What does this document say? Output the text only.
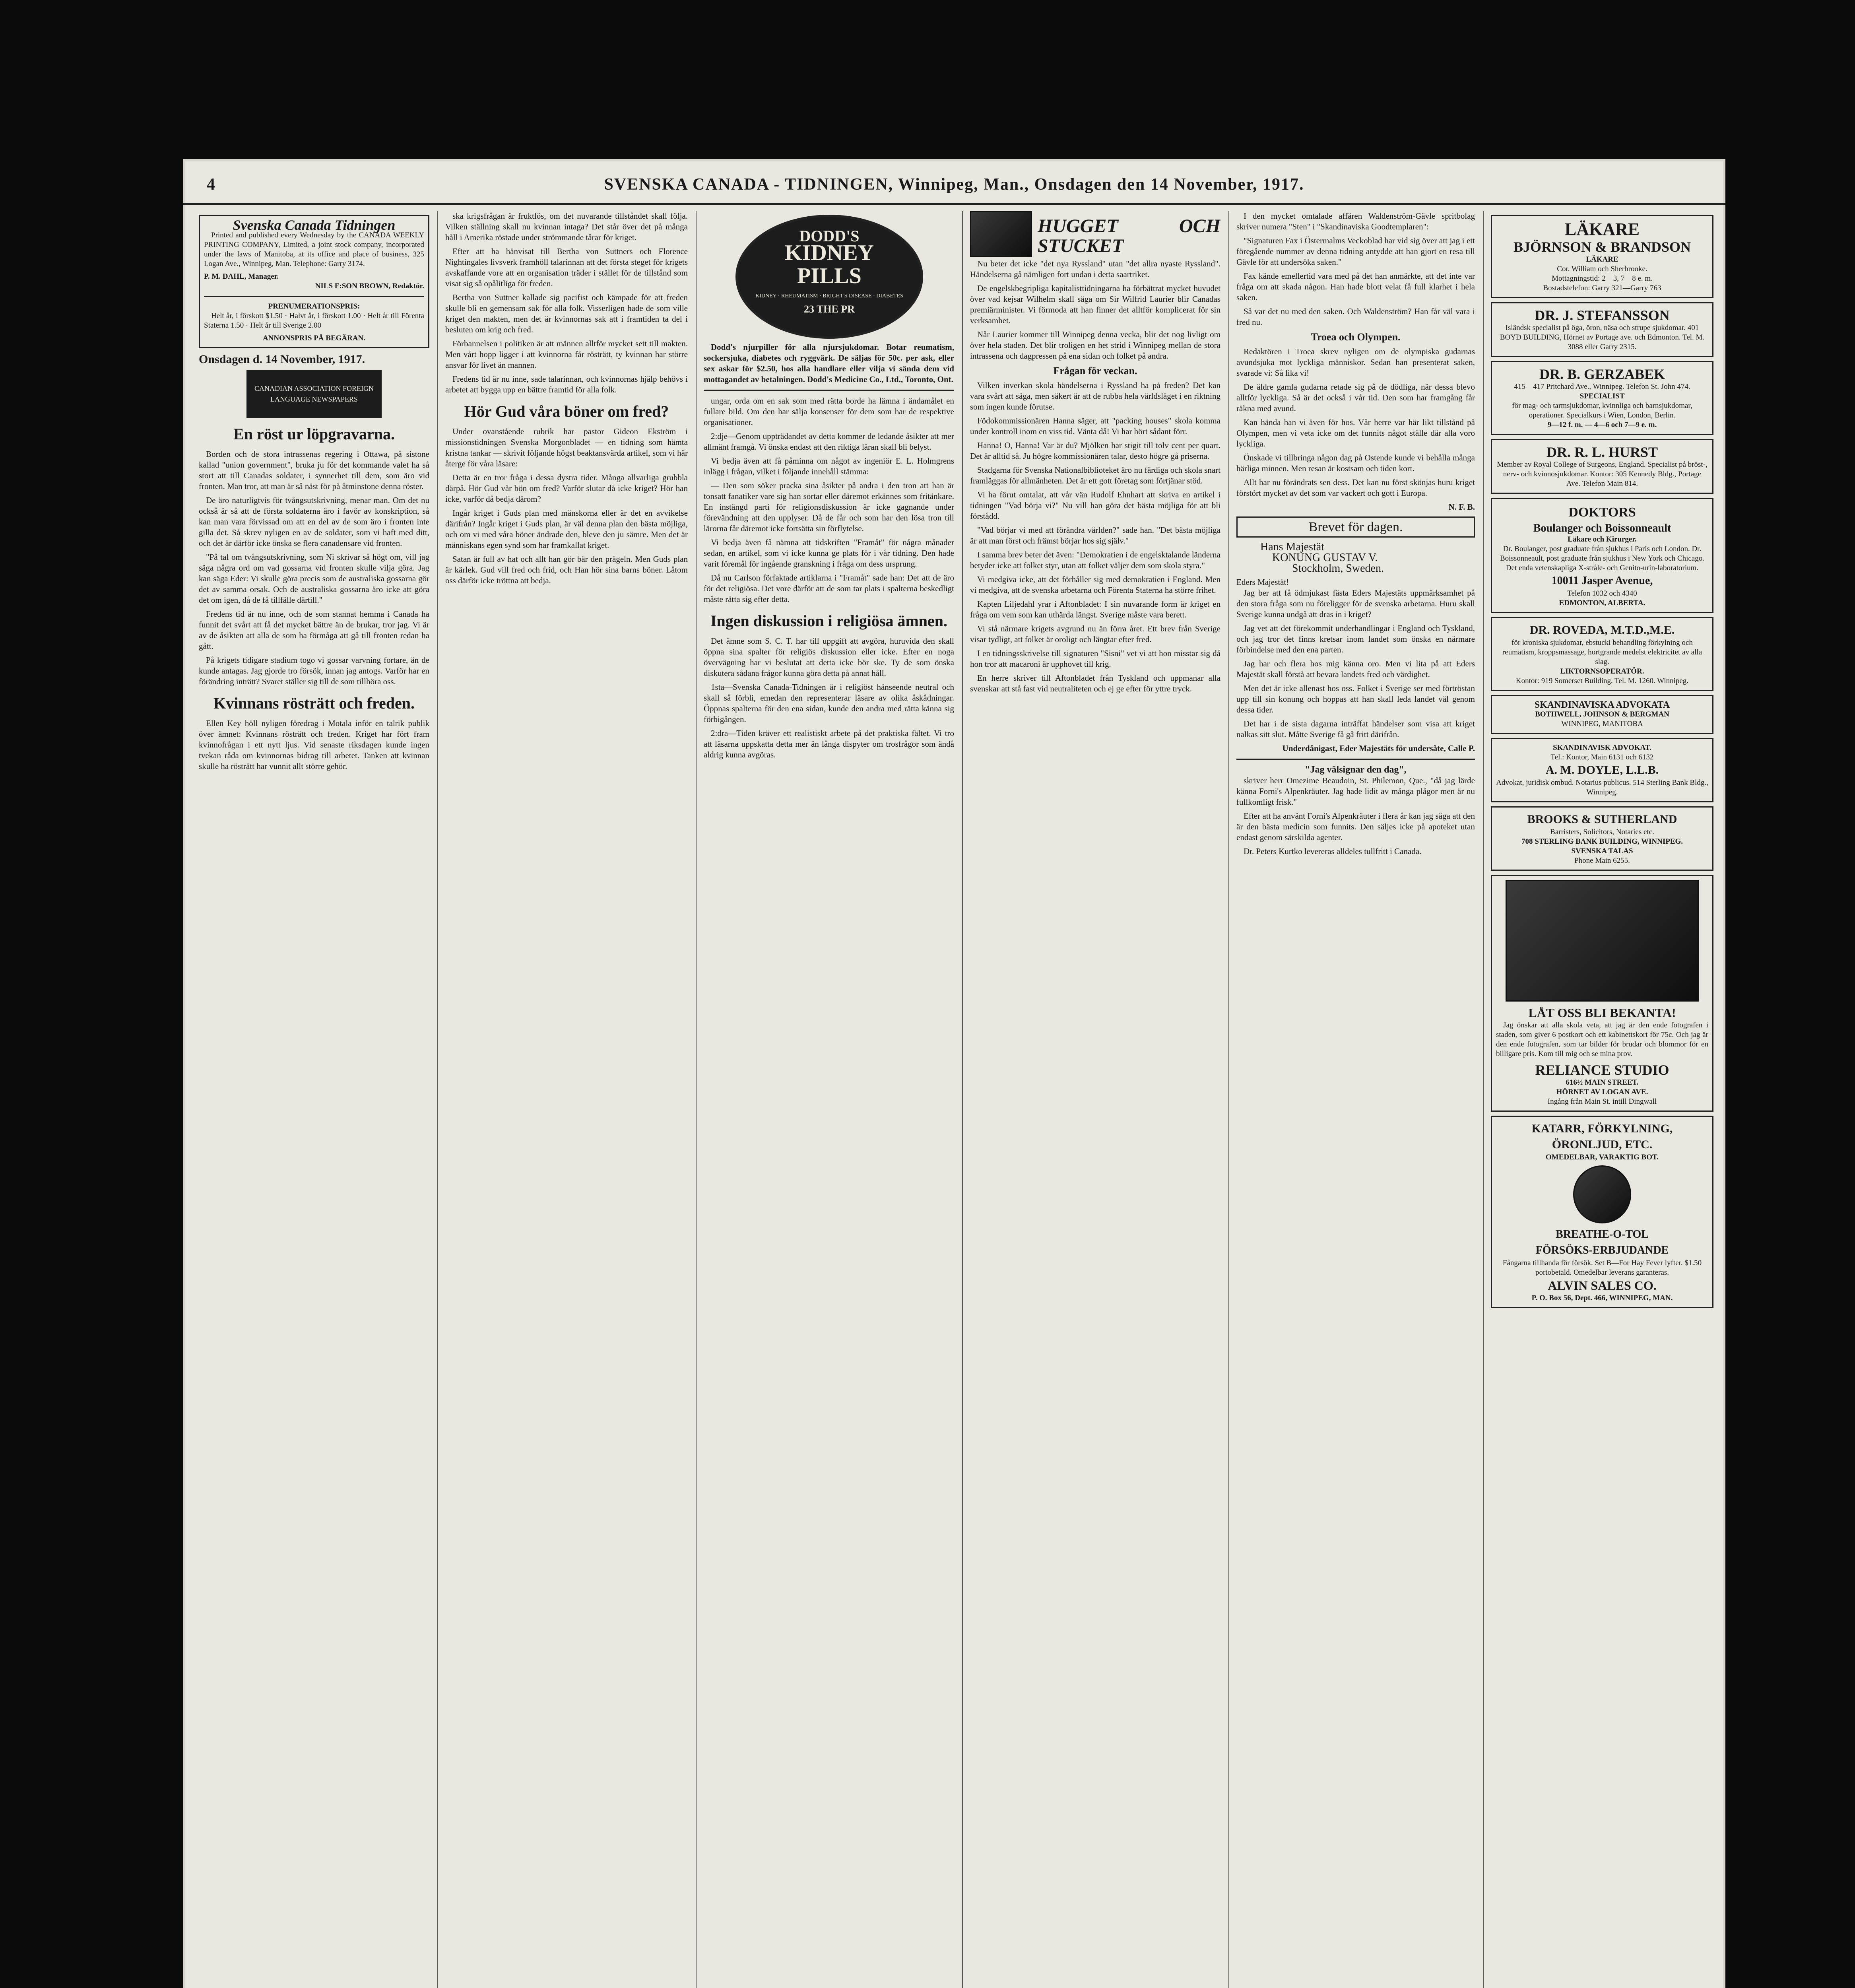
4	SVENSKA CANADA - TIDNINGEN, Winnipeg, Man., Onsdagen den 14 November, 1917.
Svenska Canada Tidningen

Printed and published every Wednesday by the CANADA WEEKLY PRINTING COMPANY, Limited, a joint stock company, incorporated under the laws of Manitoba, at its office and place of business, 325 Logan Ave., Winnipeg, Man. Telephone: Garry 3174.

P. M. DAHL, Manager.
NILS F:SON BROWN, Redaktör.
PRENUMERATIONSPRIS:

Helt år, i förskott $1.50 · Halvt år, i förskott 1.00 · Helt år till Förenta Staterna 1.50 · Helt år till Sverige 2.00

ANNONSPRIS PÅ BEGÄRAN.
Onsdagen d. 14 November, 1917.
CANADIAN ASSOCIATION FOREIGN LANGUAGE NEWSPAPERS
En röst ur löpgravarna.

Borden och de stora intrassenas regering i Ottawa, på sistone kallad "union government", bruka ju för det kommande valet ha så stort att till Canadas soldater, i synnerhet till dem, som äro vid fronten. Man tror, att man är så näst för på åtminstone denna röster.

De äro naturligtvis för tvångsutskrivning, menar man. Om det nu också är så att de första soldaterna äro i favör av konskription, så kan man vara förvissad om att en del av de som äro i fronten inte gilla det. Så skrev nyligen en av de soldater, som vi haft med ditt, och det är därför icke önska se flera canadensare vid fronten.

"På tal om tvångsutskrivning, som Ni skrivar så högt om, vill jag säga några ord om vad gossarna vid fronten skulle vilja göra. Jag kan säga Eder: Vi skulle göra precis som de australiska gossarna gör det av samma orsak. Och de australiska gossarna äro icke att göra det om igen, då de få tillfälle därtill."

Fredens tid är nu inne, och de som stannat hemma i Canada ha funnit det svårt att få det mycket bättre än de brukar, tror jag. Vi är av de åsikten att alla de som ha förmåga att gå till fronten redan ha gått.

På krigets tidigare stadium togo vi gossar varvning fortare, än de kunde antagas. Jag gjorde tro försök, innan jag antogs. Varför har en förändring inträtt? Svaret ställer sig till de som tillhöra oss.

Kvinnans rösträtt och freden.

Ellen Key höll nyligen föredrag i Motala inför en talrik publik över ämnet: Kvinnans rösträtt och freden. Kriget har fört fram kvinnofrågan i ett nytt ljus. Vid senaste riksdagen kunde ingen tvekan råda om kvinnornas bidrag till arbetet. Tanken att kvinnan skulle ha rösträtt har vunnit allt större gehör.

ska krigsfrågan är fruktlös, om det nuvarande tillståndet skall följa. Vilken ställning skall nu kvinnan intaga? Det står över det på många håll i Amerika röstade under strömmande tårar för kriget.

Efter att ha hänvisat till Bertha von Suttners och Florence Nightingales livsverk framhöll talarinnan att det första steget för krigets avskaffande vore att en organisation träder i stället för de tillstånd som visat sig så opålitliga för freden.

Bertha von Suttner kallade sig pacifist och kämpade för att freden skulle bli en gemensam sak för alla folk. Visserligen hade de som ville kriget den makten, men det är kvinnornas sak att i framtiden ta del i besluten om krig och fred.

Förbannelsen i politiken är att männen alltför mycket sett till makten. Men vårt hopp ligger i att kvinnorna får rösträtt, ty kvinnan har större ansvar för livet än mannen.

Fredens tid är nu inne, sade talarinnan, och kvinnornas hjälp behövs i arbetet att bygga upp en bättre framtid för alla folk.

Hör Gud våra böner om fred?

Under ovanstående rubrik har pastor Gideon Ekström i missionstidningen Svenska Morgonbladet — en tidning som hämta kristna tankar — skrivit följande högst beaktansvärda artikel, som vi här återge för våra läsare:

Detta är en tror fråga i dessa dystra tider. Många allvarliga grubbla därpå. Hör Gud vår bön om fred? Varför slutar då icke kriget? Hör han icke, varför då bedja därom?

Ingår kriget i Guds plan med mänskorna eller är det en avvikelse därifrån? Ingår kriget i Guds plan, är väl denna plan den bästa möjliga, och om vi med våra böner ändrade den, bleve den ju sämre. Men det är människans egen synd som har framkallat kriget.

Satan är full av hat och allt han gör bär den prägeln. Men Guds plan är kärlek. Gud vill fred och frid, och Han hör sina barns böner. Låtom oss därför icke tröttna att bedja.

DODD'S
KIDNEY PILLS
KIDNEY · RHEUMATISM · BRIGHT'S DISEASE · DIABETES
23 THE PR

Dodd's njurpiller för alla njursjukdomar. Botar reumatism, sockersjuka, diabetes och ryggvärk. De säljas för 50c. per ask, eller sex askar för $2.50, hos alla handlare eller vilja vi sända dem vid mottagandet av betalningen. Dodd's Medicine Co., Ltd., Toronto, Ont.

ungar, orda om en sak som med rätta borde ha lämna i ändamålet en fullare bild. Om den har sälja konsenser för dem som har de respektive organisationer.

2:dje—Genom uppträdandet av detta kommer de ledande åsikter att mer allmänt framgå. Vi önska endast att den riktiga läran skall bli belyst.

Vi bedja även att få påminna om något av ingeniör E. L. Holmgrens inlägg i frågan, vilket i följande innehåll stämma:

— Den som söker pracka sina åsikter på andra i den tron att han är tonsatt fanatiker vare sig han sortar eller däremot erkännes som fritänkare. En instängd parti för religionsdiskussion är icke gagnande under förevändning att den upplyser. Då de får och som har den lösa tron till lärorna får däremot icke fortsätta sin förflytelse.

Vi bedja även få nämna att tidskriften "Framåt" för några månader sedan, en artikel, som vi icke kunna ge plats för i vår tidning. Den hade varit föremål för ingående granskning i fråga om dess ursprung.

Då nu Carlson förfaktade artiklarna i "Framåt" sade han: Det att de äro för det religiösa. Det vore därför att de som tar plats i spalterna beskedligt måste rätta sig efter detta.

Ingen diskussion i religiösa ämnen.

Det ämne som S. C. T. har till uppgift att avgöra, huruvida den skall öppna sina spalter för religiös diskussion eller icke. Efter en noga övervägning har vi beslutat att detta icke bör ske. Ty de som önska diskutera sådana frågor kunna göra detta på annat håll.

1sta—Svenska Canada-Tidningen är i religiöst hänseende neutral och skall så förbli, emedan den representerar läsare av olika åskådningar. Öppnas spalterna för den ena sidan, kunde den andra med rätta känna sig förbigången.

2:dra—Tiden kräver ett realistiskt arbete på det praktiska fältet. Vi tro att läsarna uppskatta detta mer än långa dispyter om trosfrågor som ändå aldrig kunna avgöras.

HUGGET OCH STUCKET

Nu beter det icke "det nya Ryssland" utan "det allra nyaste Ryssland". Händelserna gå nämligen fort undan i detta saartriket.

De engelskbegripliga kapitalisttidningarna ha förbättrat mycket huvudet över vad kejsar Wilhelm skall säga om Sir Wilfrid Laurier blir Canadas premiärminister. Vi förmoda att han finner det alltför komplicerat för sin verksamhet.

Når Laurier kommer till Winnipeg denna vecka, blir det nog livligt om över hela staden. Det blir troligen en het strid i Winnipeg mellan de stora intrassena och dagpressen på ena sidan och folket på andra.

Frågan för veckan.

Vilken inverkan skola händelserna i Ryssland ha på freden? Det kan vara svårt att säga, men säkert är att de rubba hela världsläget i en riktning som ingen kunde förutse.

Födokommissionären Hanna säger, att "packing houses" skola komma under kontroll inom en viss tid. Vänta då! Vi har hört sådant förr.

Hanna! O, Hanna! Var är du? Mjölken har stigit till tolv cent per quart. Det är alltid så. Ju högre kommissionären talar, desto högre gå priserna.

Stadgarna för Svenska Nationalbiblioteket äro nu färdiga och skola snart framläggas för allmänheten. Det är ett gott företag som förtjänar stöd.

Vi ha förut omtalat, att vår vän Rudolf Ehnhart att skriva en artikel i tidningen "Vad börja vi?" Nu vill han göra det bästa möjliga för att bli förstådd.

"Vad börjar vi med att förändra världen?" sade han. "Det bästa möjliga är att man först och främst börjar hos sig själv."

I samma brev beter det även: "Demokratien i de engelsktalande länderna betyder icke att folket styr, utan att folket väljer dem som skola styra."

Vi medgiva icke, att det förhåller sig med demokratien i England. Men vi medgiva, att de svenska arbetarna och Förenta Staterna ha större frihet.

Kapten Liljedahl yrar i Aftonbladet: I sin nuvarande form är kriget en fråga om vem som kan uthärda längst. Sverige måste vara berett.

Vi stå närmare krigets avgrund nu än förra året. Ett brev från Sverige visar tydligt, att folket är oroligt och längtar efter fred.

I en tidningsskrivelse till signaturen "Sisni" vet vi att hon misstar sig då hon tror att macaroni är upphovet till krig.

En herre skriver till Aftonbladet från Tyskland och uppmanar alla svenskar att stå fast vid neutraliteten och ej ge efter för yttre tryck.

I den mycket omtalade affären Waldenström-Gävle spritbolag skriver numera "Sten" i "Skandinaviska Goodtemplaren":

"Signaturen Fax i Östermalms Veckoblad har vid sig över att jag i ett föregående nummer av denna tidning antydde att han gjort en resa till Gävle för att undersöka saken."

Fax kände emellertid vara med på det han anmärkte, att det inte var fråga om att skada någon. Han hade blott velat få full klarhet i hela saken.

Så var det nu med den saken. Och Waldenström? Han får väl vara i fred nu.

Troea och Olympen.

Redaktören i Troea skrev nyligen om de olympiska gudarnas avundsjuka mot lyckliga människor. Sedan han presenterat saken, svarade vi: Så lika vi!

De äldre gamla gudarna retade sig på de dödliga, när dessa blevo alltför lyckliga. Så är det också i vår tid. Den som har framgång får räkna med avund.

Kan hända han vi även för hos. Vår herre var här likt tillstånd på Olympen, men vi veta icke om det funnits något ställe där alla voro lyckliga.

Önskade vi tillbringa någon dag på Ostende kunde vi behålla många härliga minnen. Men resan är kostsam och tiden kort.

Allt har nu förändrats sen dess. Det kan nu först skönjas huru kriget förstört mycket av det som var vackert och gott i Europa.

N. F. B.
Brevet för dagen.
Hans Majestät
KONUNG GUSTAV V.
Stockholm, Sweden.
Eders Majestät!

Jag ber att få ödmjukast fästa Eders Majestäts uppmärksamhet på den stora fråga som nu föreligger för de svenska arbetarna. Huru skall Sverige kunna undgå att dras in i kriget?

Jag vet att det förekommit underhandlingar i England och Tyskland, och jag tror det finns kretsar inom landet som önska en närmare förbindelse med den ena parten.

Jag har och flera hos mig känna oro. Men vi lita på att Eders Majestät skall förstå att bevara landets fred och värdighet.

Men det är icke allenast hos oss. Folket i Sverige ser med förtröstan upp till sin konung och hoppas att han skall leda landet väl genom dessa tider.

Det har i de sista dagarna inträffat händelser som visa att kriget nalkas sitt slut. Måtte Sverige få gå fritt därifrån.

Underdånigast, Eder Majestäts för undersåte, Calle P.

"Jag välsignar den dag",

skriver herr Omezime Beaudoin, St. Philemon, Que., "då jag lärde känna Forni's Alpenkräuter. Jag hade lidit av många plågor men är nu fullkomligt frisk."

Efter att ha använt Forni's Alpenkräuter i flera år kan jag säga att den är den bästa medicin som funnits. Den säljes icke på apoteket utan endast genom särskilda agenter.

Dr. Peters Kurtko levereras alldeles tullfritt i Canada.

LÄKARE
BJÖRNSON & BRANDSON
LÄKARE
Cor. William och Sherbrooke.
Mottagningstid: 2—3, 7—8 e. m.
Bostadstelefon: Garry 321—Garry 763
DR. J. STEFANSSON
Isländsk specialist på öga, öron, näsa och strupe sjukdomar. 401 BOYD BUILDING, Hörnet av Portage ave. och Edmonton. Tel. M. 3088 eller Garry 2315.
DR. B. GERZABEK
415—417 Pritchard Ave., Winnipeg. Telefon St. John 474.
SPECIALIST
för mag- och tarmsjukdomar, kvinnliga och barnsjukdomar, operationer. Specialkurs i Wien, London, Berlin.
9—12 f. m. — 4—6 och 7—9 e. m.
DR. R. L. HURST
Member av Royal College of Surgeons, England. Specialist på bröst-, nerv- och kvinnosjukdomar. Kontor: 305 Kennedy Bldg., Portage Ave. Telefon Main 814.
DOKTORS
Boulanger och Boissonneault
Läkare och Kirurger.
Dr. Boulanger, post graduate från sjukhus i Paris och London. Dr. Boissonneault, post graduate från sjukhus i New York och Chicago. Det enda vetenskapliga X-stråle- och Genito-urin-laboratorium.
10011 Jasper Avenue,
Telefon 1032 och 4340
EDMONTON, ALBERTA.
DR. ROVEDA, M.T.D.,M.E.
för kroniska sjukdomar, ebstucki behandling förkylning och reumatism, kroppsmassage, hortgrande medelst elektricitet av alla slag.
LIKTORNSOPERATÖR.
Kontor: 919 Somerset Building. Tel. M. 1260. Winnipeg.
SKANDINAVISKA ADVOKATA
BOTHWELL, JOHNSON & BERGMAN
WINNIPEG, MANITOBA
SKANDINAVISK ADVOKAT.
Tel.: Kontor, Main 6131 och 6132
A. M. DOYLE, L.L.B.
Advokat, juridisk ombud. Notarius publicus. 514 Sterling Bank Bldg., Winnipeg.
BROOKS & SUTHERLAND
Barristers, Solicitors, Notaries etc.
708 STERLING BANK BUILDING, WINNIPEG.
SVENSKA TALAS
Phone Main 6255.
LÅT OSS BLI BEKANTA!

Jag önskar att alla skola veta, att jag är den ende fotografen i staden, som giver 6 postkort och ett kabinettskort för 75c. Och jag är den ende fotografen, som tar bilder för brudar och blommor för en billigare pris. Kom till mig och se mina prov.

RELIANCE STUDIO
616½ MAIN STREET.
HÖRNET AV LOGAN AVE.
Ingång från Main St. intill Dingwall
KATARR, FÖRKYLNING, ÖRONLJUD, ETC.
OMEDELBAR, VARAKTIG BOT.
BREATHE-O-TOL
FÖRSÖKS-ERBJUDANDE
Fångarna tillhanda för försök. Set B—For Hay Fever lyfter. $1.50 portobetald. Omedelbar leverans garanteras.
ALVIN SALES CO.
P. O. Box 56, Dept. 466, WINNIPEG, MAN.
